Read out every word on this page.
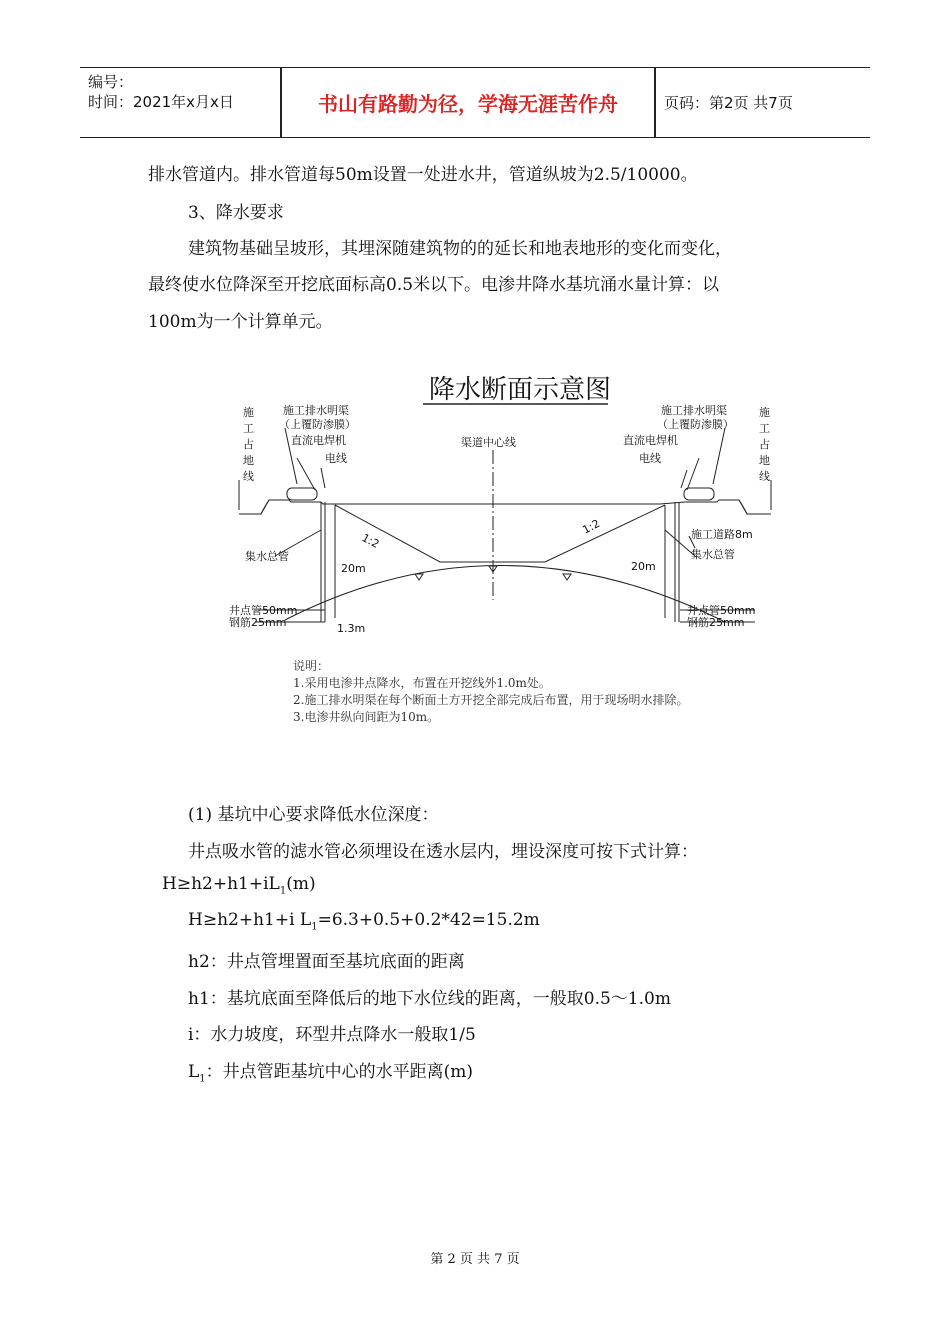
编号：
时间：2021年x月x日	书山有路勤为径，学海无涯苦作舟	页码：第2页 共7页
排水管道内。排水管道每50m设置一处进水井，管道纵坡为2.5/10000。
3、降水要求
建筑物基础呈坡形，其埋深随建筑物的的延长和地表地形的变化而变化，
最终使水位降深至开挖底面标高0.5米以下。电渗井降水基坑涌水量计算：以
100m为一个计算单元。
降水断面示意图
施
工
占
地
线
施
工
占
地
线
施工排水明渠
（上覆防渗膜）
施工排水明渠
（上覆防渗膜）
直流电焊机	直流电焊机
电线	电线
渠道中心线
1:2
1:2	施工道路8m
集水总管	集水总管
20m	20m
井点管50mm
钢筋25mm
井点管50mm
钢筋25mm
1.3m
说明：
1.采用电渗井点降水，布置在开挖线外1.0m处。
2.施工排水明渠在每个断面土方开挖全部完成后布置，用于现场明水排除。
3.电渗井纵向间距为10m。
(1) 基坑中心要求降低水位深度：
井点吸水管的滤水管必须埋设在透水层内，埋设深度可按下式计算：
$H\ge h2+h1+iL_1(m)$
H≥h2+h1+i $L_1=6.3+0.5+0.2*42=15.2m$
h2：井点管埋置面至基坑底面的距离
h1：基坑底面至降低后的地下水位线的距离，一般取0.5～1.0m
i：水力坡度，环型井点降水一般取1/5
$L_1$：井点管距基坑中心的水平距离(m)
第 2 页 共 7 页
